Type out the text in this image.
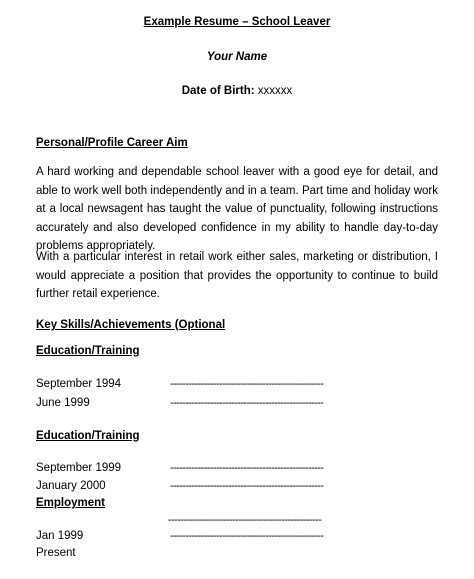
Example Resume – School Leaver
Your Name
Date of Birth: xxxxxx
Personal/Profile Career Aim
A hard working and dependable school leaver with a good eye for detail, and able to work well both independently and in a team. Part time and holiday work at a local newsagent has taught the value of punctuality, following instructions accurately and also developed confidence in my ability to handle day-to-day problems appropriately.
With a particular interest in retail work either sales, marketing or distribution, I would appreciate a position that provides the opportunity to continue to build further retail experience.
Key Skills/Achievements (Optional
Education/Training
September 1994	--------------------------------------------------
June 1999	--------------------------------------------------
Education/Training
September 1999	--------------------------------------------------
January 2000	--------------------------------------------------
Employment
--------------------------------------------------
Jan 1999	--------------------------------------------------
Present
